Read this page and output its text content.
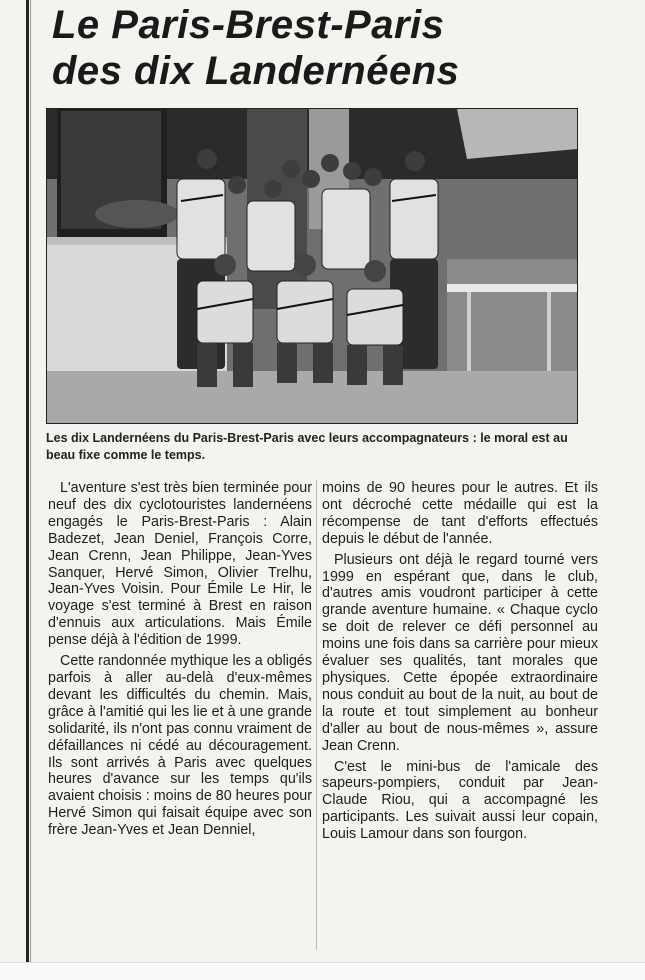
Le Paris-Brest-Paris
des dix Landernéens

Les dix Landernéens du Paris-Brest-Paris avec leurs accompagnateurs : le moral est au beau fixe comme le temps.

L'aventure s'est très bien terminée pour neuf des dix cyclotouristes landernéens engagés le Paris-Brest-Paris : Alain Badezet, Jean Deniel, François Corre, Jean Crenn, Jean Philippe, Jean-Yves Sanquer, Hervé Simon, Olivier Trelhu, Jean-Yves Voisin. Pour Émile Le Hir, le voyage s'est terminé à Brest en raison d'ennuis aux articulations. Mais Émile pense déjà à l'édition de 1999.

Cette randonnée mythique les a obligés parfois à aller au-delà d'eux-mêmes devant les difficultés du chemin. Mais, grâce à l'amitié qui les lie et à une grande solidarité, ils n'ont pas connu vraiment de défaillances ni cédé au découragement. Ils sont arrivés à Paris avec quelques heures d'avance sur les temps qu'ils avaient choisis : moins de 80 heures pour Hervé Simon qui faisait équipe avec son frère Jean-Yves et Jean Denniel,

moins de 90 heures pour le autres. Et ils ont décroché cette médaille qui est la récompense de tant d'efforts effectués depuis le début de l'année.

Plusieurs ont déjà le regard tourné vers 1999 en espérant que, dans le club, d'autres amis voudront participer à cette grande aventure humaine. « Chaque cyclo se doit de relever ce défi personnel au moins une fois dans sa carrière pour mieux évaluer ses qualités, tant morales que physiques. Cette épopée extraordinaire nous conduit au bout de la nuit, au bout de la route et tout simplement au bonheur d'aller au bout de nous-mêmes », assure Jean Crenn.

C'est le mini-bus de l'amicale des sapeurs-pompiers, conduit par Jean-Claude Riou, qui a accompagné les participants. Les suivait aussi leur copain, Louis Lamour dans son fourgon.
